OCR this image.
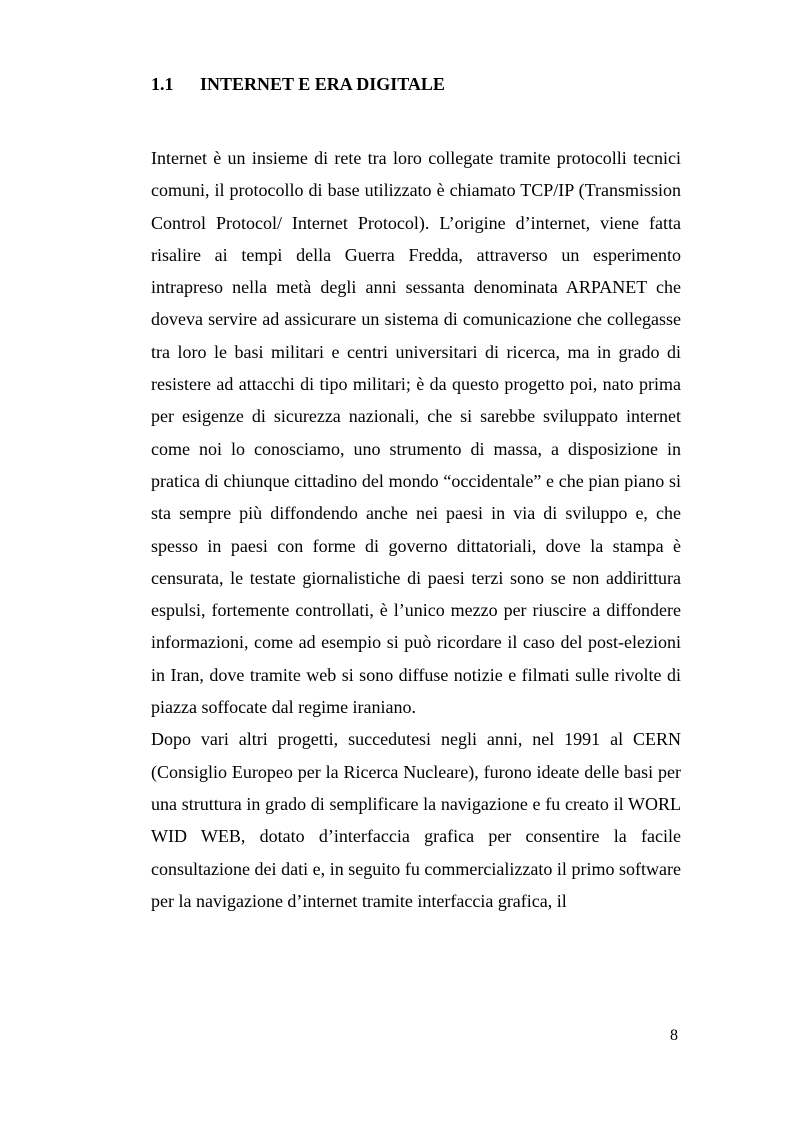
1.1 INTERNET E ERA DIGITALE

Internet è un insieme di rete tra loro collegate tramite protocolli tecnici comuni, il protocollo di base utilizzato è chiamato TCP/IP (Transmission Control Protocol/ Internet Protocol). L’origine d’internet, viene fatta risalire ai tempi della Guerra Fredda, attraverso un esperimento intrapreso nella metà degli anni sessanta denominata ARPANET che doveva servire ad assicurare un sistema di comunicazione che collegasse tra loro le basi militari e centri universitari di ricerca, ma in grado di resistere ad attacchi di tipo militari; è da questo progetto poi, nato prima per esigenze di sicurezza nazionali, che si sarebbe sviluppato internet come noi lo conosciamo, uno strumento di massa, a disposizione in pratica di chiunque cittadino del mondo “occidentale” e che pian piano si sta sempre più diffondendo anche nei paesi in via di sviluppo e, che spesso in paesi con forme di governo dittatoriali, dove la stampa è censurata, le testate giornalistiche di paesi terzi sono se non addirittura espulsi, fortemente controllati, è l’unico mezzo per riuscire a diffondere informazioni, come ad esempio si può ricordare il caso del post-elezioni in Iran, dove tramite web si sono diffuse notizie e filmati sulle rivolte di piazza soffocate dal regime iraniano.

Dopo vari altri progetti, succedutesi negli anni, nel 1991 al CERN (Consiglio Europeo per la Ricerca Nucleare), furono ideate delle basi per una struttura in grado di semplificare la navigazione e fu creato il WORL WID WEB, dotato d’interfaccia grafica per consentire la facile consultazione dei dati e, in seguito fu commercializzato il primo software per la navigazione d’internet tramite interfaccia grafica, il

8
